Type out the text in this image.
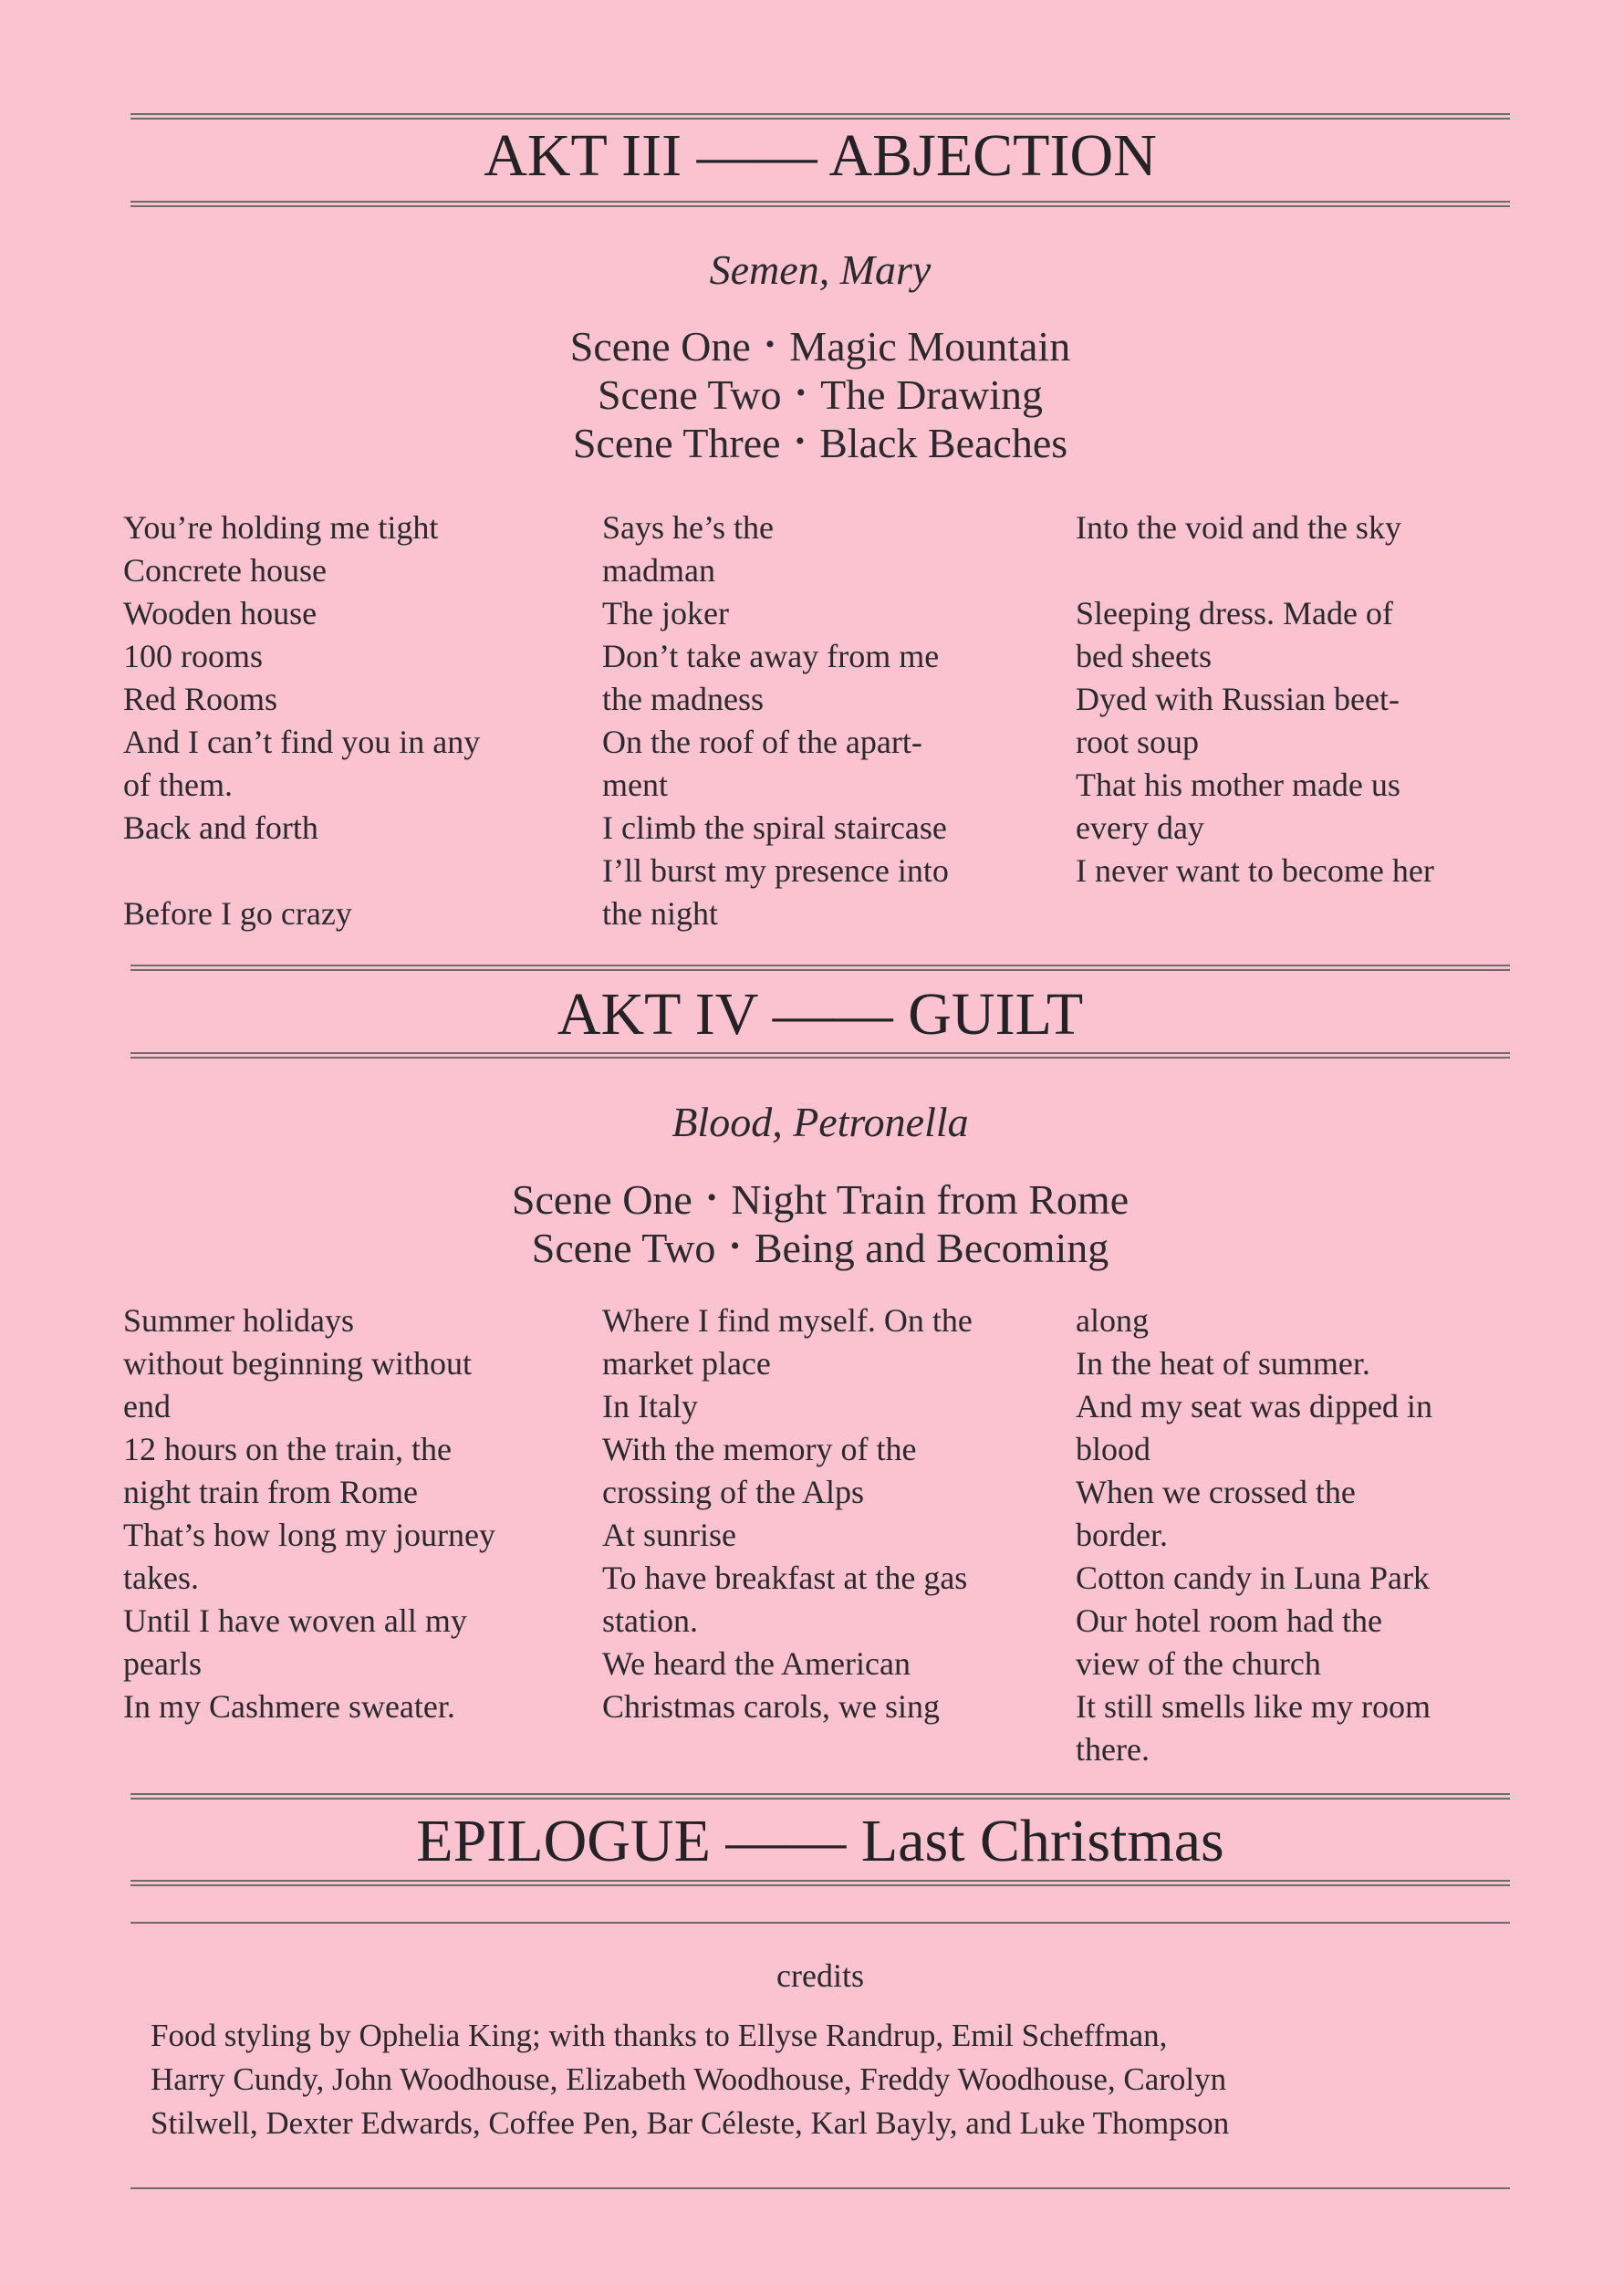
AKT III —— ABJECTION
Semen, Mary
Scene One • Magic Mountain
Scene Two • The Drawing
Scene Three • Black Beaches
You’re holding me tight
Concrete house
Wooden house
100 rooms
Red Rooms
And I can’t find you in any
of them.
Back and forth
Before I go crazy
Says he’s the
madman
The joker
Don’t take away from me
the madness
On the roof of the apart-
ment
I climb the spiral staircase
I’ll burst my presence into
the night
Into the void and the sky
Sleeping dress. Made of
bed sheets
Dyed with Russian beet-
root soup
That his mother made us
every day
I never want to become her
AKT IV —— GUILT
Blood, Petronella
Scene One • Night Train from Rome
Scene Two • Being and Becoming
Summer holidays
without beginning without
end
12 hours on the train, the
night train from Rome
That’s how long my journey
takes.
Until I have woven all my
pearls
In my Cashmere sweater.
Where I find myself. On the
market place
In Italy
With the memory of the
crossing of the Alps
At sunrise
To have breakfast at the gas
station.
We heard the American
Christmas carols, we sing
along
In the heat of summer.
And my seat was dipped in
blood
When we crossed the
border.
Cotton candy in Luna Park
Our hotel room had the
view of the church
It still smells like my room
there.
EPILOGUE —— Last Christmas
credits
Food styling by Ophelia King; with thanks to Ellyse Randrup, Emil Scheffman,
Harry Cundy, John Woodhouse, Elizabeth Woodhouse, Freddy Woodhouse, Carolyn
Stilwell, Dexter Edwards, Coffee Pen, Bar Céleste, Karl Bayly, and Luke Thompson
